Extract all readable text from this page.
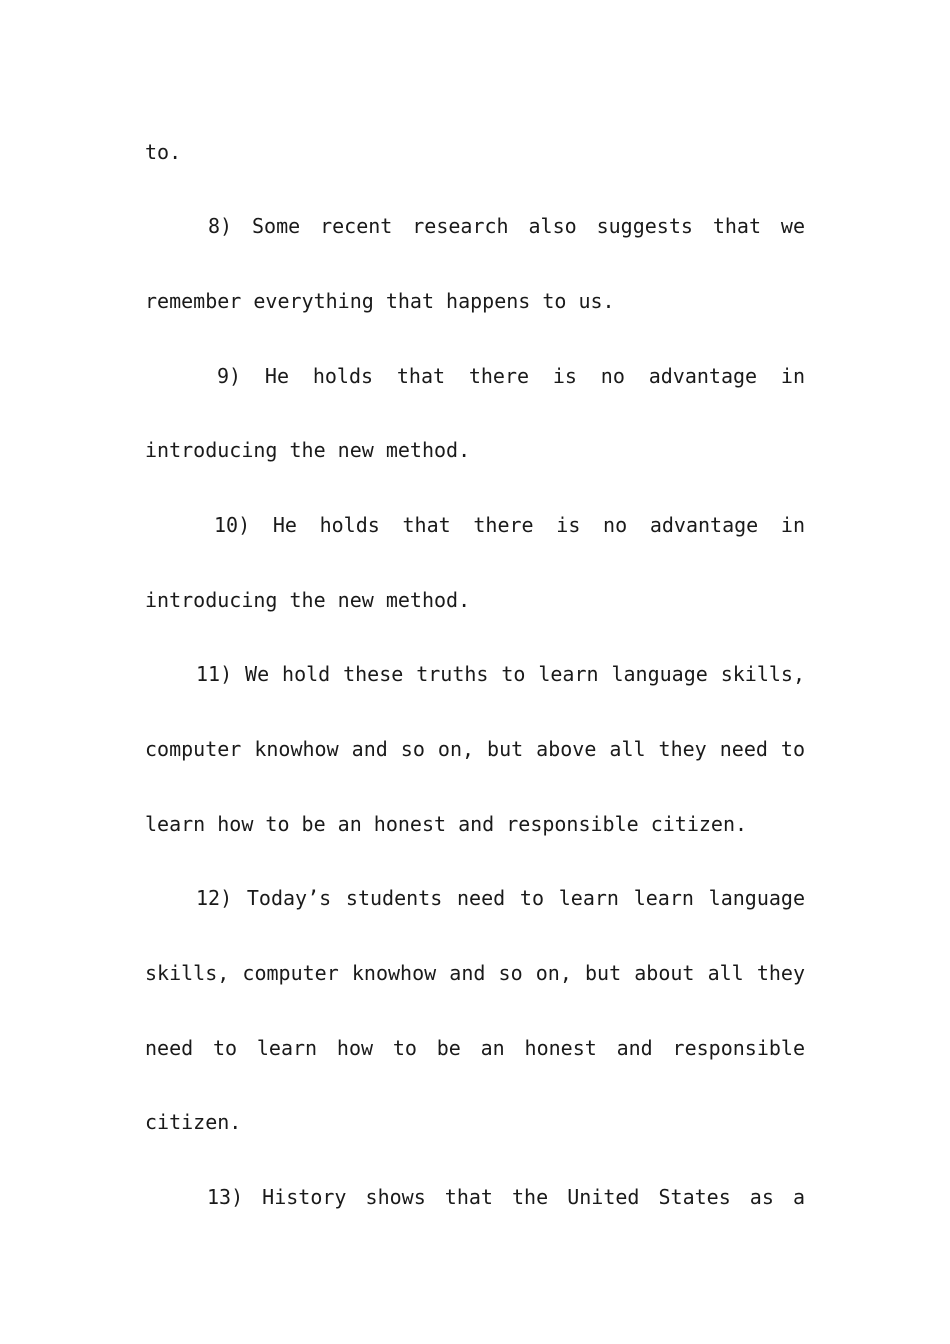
to.
8) Some recent research also suggests that we
remember everything that happens to us.
9) He holds that there is no advantage in
introducing the new method.
10) He holds that there is no advantage in
introducing the new method.
11) We hold these truths to learn language skills,
computer knowhow and so on, but above all they need to
learn how to be an honest and responsible citizen.
12) Today’s students need to learn learn language
skills, computer knowhow and so on, but about all they
need to learn how to be an honest and responsible
citizen.
13) History shows that the United States as a
